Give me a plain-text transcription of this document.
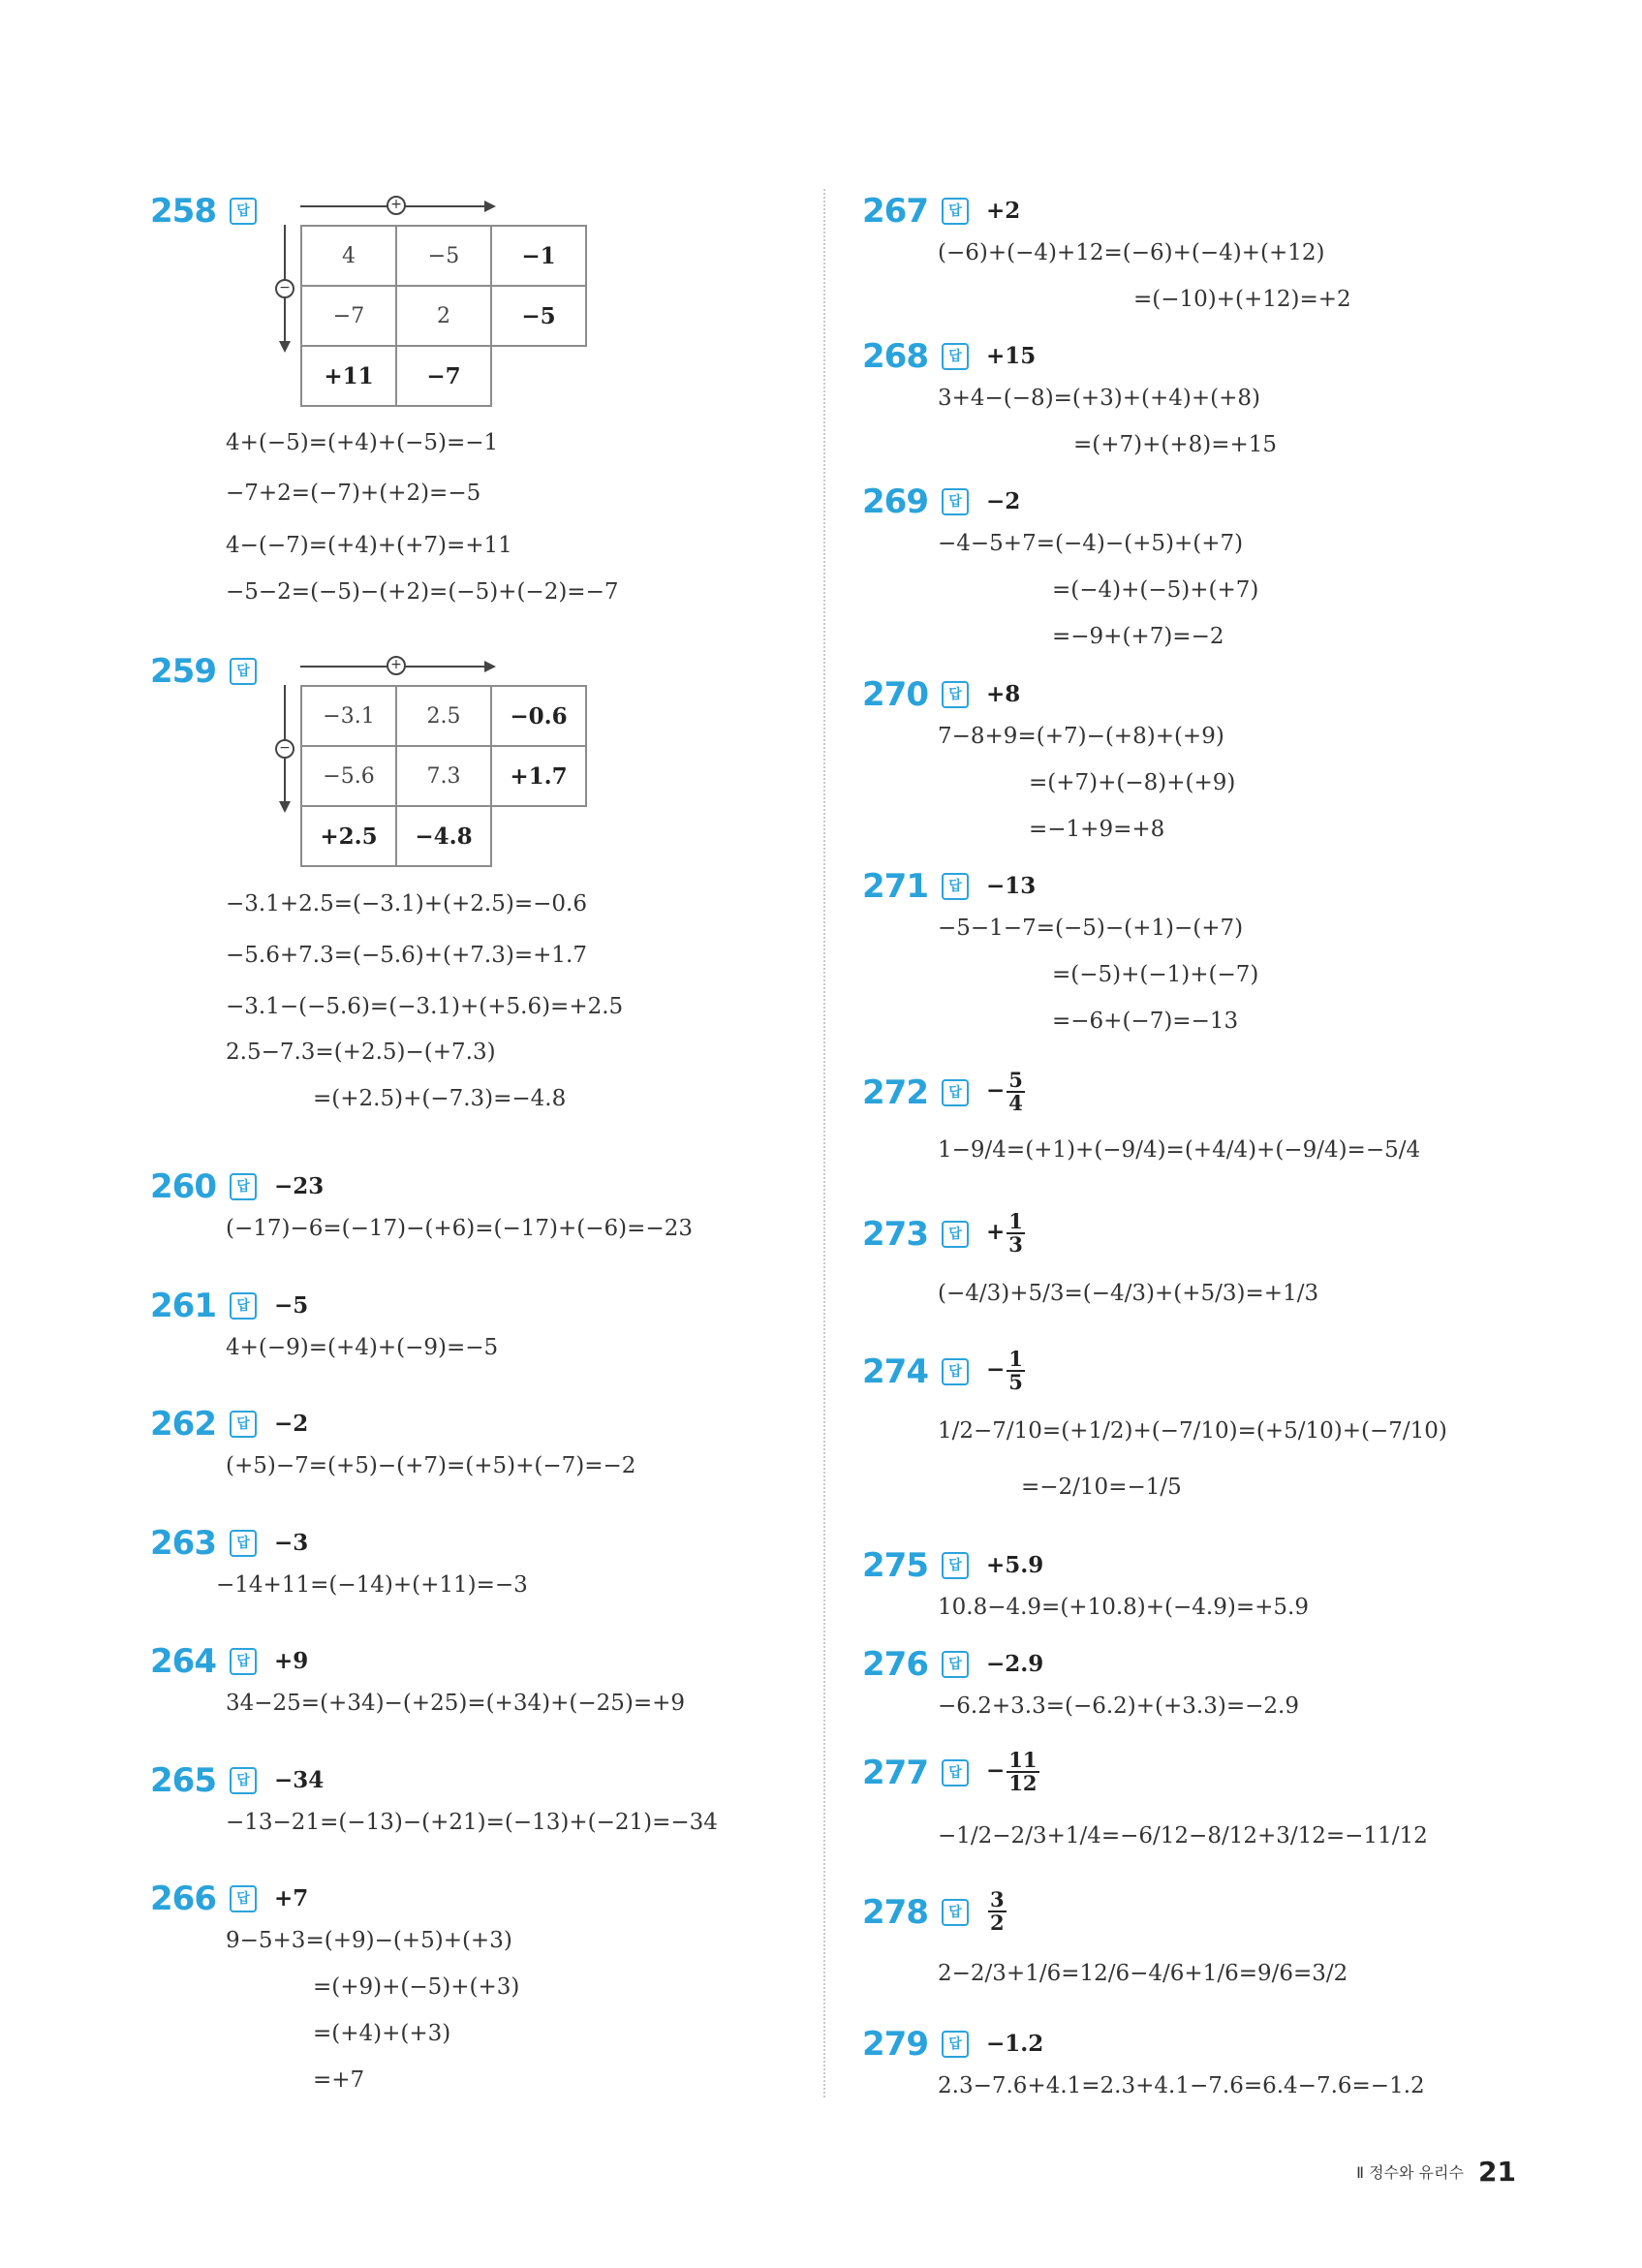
258	답	+
−
4	−5	−1
−7	2	−5
+11	−7	
4+(−5)=(+4)+(−5)=−1
−7+2=(−7)+(+2)=−5
4−(−7)=(+4)+(+7)=+11
−5−2=(−5)−(+2)=(−5)+(−2)=−7
259	답	+
−
−3.1	2.5	−0.6
−5.6	7.3	+1.7
+2.5	−4.8	
−3.1+2.5=(−3.1)+(+2.5)=−0.6
−5.6+7.3=(−5.6)+(+7.3)=+1.7
−3.1−(−5.6)=(−3.1)+(+5.6)=+2.5
2.5−7.3=(+2.5)−(+7.3)
=(+2.5)+(−7.3)=−4.8
260	답	−23
(−17)−6=(−17)−(+6)=(−17)+(−6)=−23
261	답	−5
4+(−9)=(+4)+(−9)=−5
262	답	−2
(+5)−7=(+5)−(+7)=(+5)+(−7)=−2
263	답	−3
−14+11=(−14)+(+11)=−3
264	답	+9
34−25=(+34)−(+25)=(+34)+(−25)=+9
265	답	−34
−13−21=(−13)−(+21)=(−13)+(−21)=−34
266	답	+7
9−5+3=(+9)−(+5)+(+3)
=(+9)+(−5)+(+3)
=(+4)+(+3)
=+7
267	답	+2
(−6)+(−4)+12=(−6)+(−4)+(+12)
=(−10)+(+12)=+2
268	답	+15
3+4−(−8)=(+3)+(+4)+(+8)
=(+7)+(+8)=+15
269	답	−2
−4−5+7=(−4)−(+5)+(+7)
=(−4)+(−5)+(+7)
=−9+(+7)=−2
270	답	+8
7−8+9=(+7)−(+8)+(+9)
=(+7)+(−8)+(+9)
=−1+9=+8
271	답	−13
−5−1−7=(−5)−(+1)−(+7)
=(−5)+(−1)+(−7)
=−6+(−7)=−13
272	답	− $\frac{5}{4}$
1−9/4=(+1)+(−9/4)=(+4/4)+(−9/4)=−5/4
273	답	+ $\frac{1}{3}$
(−4/3)+5/3=(−4/3)+(+5/3)=+1/3
274	답	− $\frac{1}{5}$
1/2−7/10=(+1/2)+(−7/10)=(+5/10)+(−7/10)
=−2/10=−1/5
275	답	+5.9
10.8−4.9=(+10.8)+(−4.9)=+5.9
276	답	−2.9
−6.2+3.3=(−6.2)+(+3.3)=−2.9
277	답	− $\frac{11}{12}$
−1/2−2/3+1/4=−6/12−8/12+3/12=−11/12
278	답	$\frac{3}{2}$
2−2/3+1/6=12/6−4/6+1/6=9/6=3/2
279	답	−1.2
2.3−7.6+4.1=2.3+4.1−7.6=6.4−7.6=−1.2
Ⅱ 정수와 유리수 21
